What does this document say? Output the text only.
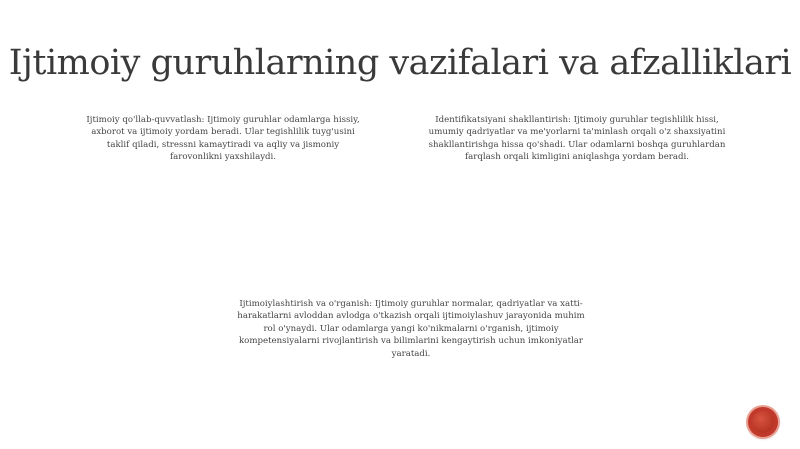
Ijtimoiy guruhlarning vazifalari va afzalliklari
Ijtimoiy qo'llab-quvvatlash: Ijtimoiy guruhlar odamlarga hissiy, axborot va ijtimoiy yordam beradi. Ular tegishlilik tuyg'usini taklif qiladi, stressni kamaytiradi va aqliy va jismoniy farovonlikni yaxshilaydi.
Identifikatsiyani shakllantirish: Ijtimoiy guruhlar tegishlilik hissi, umumiy qadriyatlar va me'yorlarni ta'minlash orqali o'z shaxsiyatini shakllantirishga hissa qo'shadi. Ular odamlarni boshqa guruhlardan farqlash orqali kimligini aniqlashga yordam beradi.
Ijtimoiylashtirish va o'rganish: Ijtimoiy guruhlar normalar, qadriyatlar va xatti-harakatlarni avloddan avlodga o'tkazish orqali ijtimoiylashuv jarayonida muhim rol o'ynaydi. Ular odamlarga yangi ko'nikmalarni o'rganish, ijtimoiy kompetensiyalarni rivojlantirish va bilimlarini kengaytirish uchun imkoniyatlar yaratadi.
